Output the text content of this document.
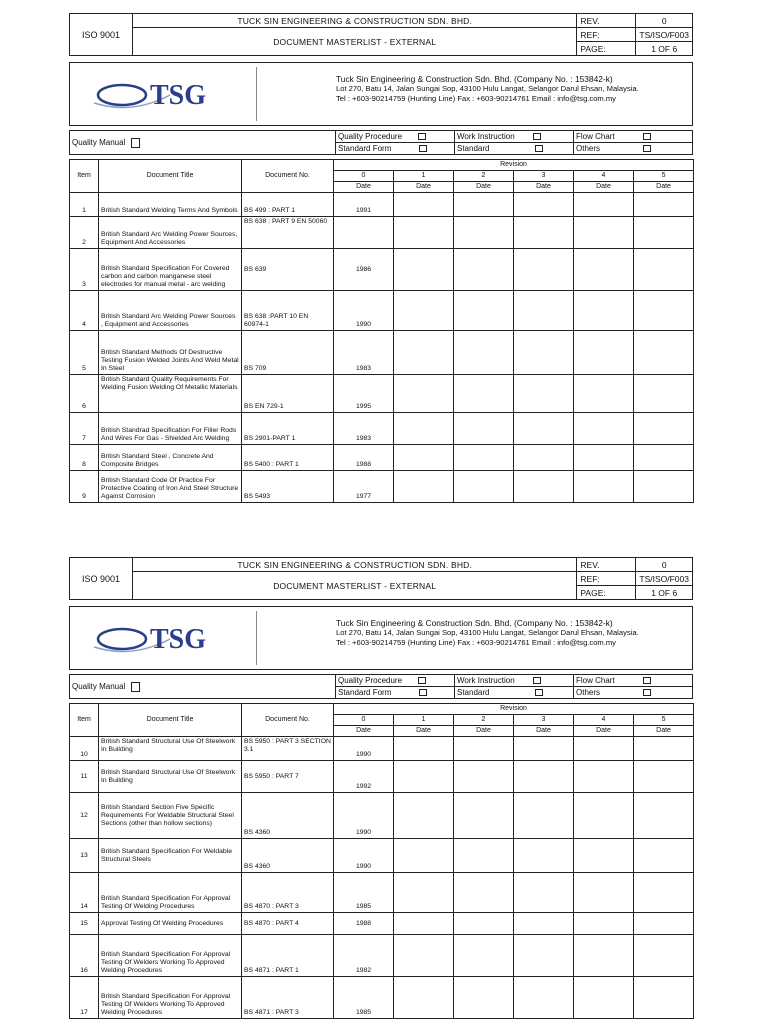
ISO 9001	TUCK SIN ENGINEERING & CONSTRUCTION SDN. BHD.	REV.	0
	DOCUMENT MASTERLIST - EXTERNAL	REF:	TS/ISO/F003
		PAGE:	1 OF 6
TSG
Tuck Sin Engineering & Construction Sdn. Bhd. (Company No. : 153842-k)
Lot 270, Batu 14, Jalan Sungai Sop, 43100 Hulu Langat, Selangor Darul Ehsan, Malaysia.
Tel : +603-90214759 (Hunting Line) Fax : +603-90214761 Email : info@tsg.com.my
Quality Manual	Quality Procedure	Work Instruction	Flow Chart
	Standard Form	Standard	Others
Item	Document Title	Document No.	Revision					
			0	1	2	3	4	5
			Date	Date	Date	Date	Date	Date
1	British Standard Welding Terms And Symbols	BS 499 : PART 1	1991					
2	British Standard Arc Welding Power Sources, Equipment And Accessories	BS 638 : PART 9 EN 50060						
3	British Standard Specification For Covered carbon and carbon manganese steel electrodes for manual metal - arc welding	BS 639	1986					
4	British Standard Arc Welding Power Sources , Equipment and Accessories	BS 638 :PART 10 EN 60974-1	1990					
5	British Standard Methods Of Destructive Testing Fusion Welded Joints And Weld Metal In Steel	BS 709	1983					
6	British Standard Quality Requirements For Welding Fusion Welding Of Metallic Materials	BS EN 729-1	1995					
7	British Standrad Specification For Filler Rods And Wires For Gas - Shielded Arc Welding	BS 2901-PART 1	1983					
8	British Standard Steel , Concrete And Composite Bridges	BS 5400 : PART 1	1988					
9	British Standard Code Of Practice For Protective Coating of Iron And Steel Structure Against Corrosion	BS 5493	1977					
ISO 9001	TUCK SIN ENGINEERING & CONSTRUCTION SDN. BHD.	REV.	0
	DOCUMENT MASTERLIST - EXTERNAL	REF:	TS/ISO/F003
		PAGE:	1 OF 6
TSG
Tuck Sin Engineering & Construction Sdn. Bhd. (Company No. : 153842-k)
Lot 270, Batu 14, Jalan Sungai Sop, 43100 Hulu Langat, Selangor Darul Ehsan, Malaysia.
Tel : +603-90214759 (Hunting Line) Fax : +603-90214761 Email : info@tsg.com.my
Quality Manual	Quality Procedure	Work Instruction	Flow Chart
	Standard Form	Standard	Others
Item	Document Title	Document No.	Revision					
			0	1	2	3	4	5
			Date	Date	Date	Date	Date	Date
10	British Standard Structural Use Of Steelwork In Building	BS 5950 : PART 3 SECTION 3.1	1990					
11	British Standard Structural Use Of Steelwork In Building	BS 5950 : PART 7	1992					
12	British Standard Section Five Specific Requirements For Weldable Structural Steel Sections (other than hollow sections)	BS 4360	1990					
13	British Standard Specification For Weldable Structural Steels	BS 4360	1990					
14	British Standard Specification For Approval Testing Of Welding Procedures	BS 4870 : PART 3	1985					
15	Approval Testing Of Welding Procedures	BS 4870 : PART 4	1988					
16	British Standard Specification For Approval Testing Of Welders Working To Approved Welding Procedures	BS 4871 : PART 1	1982					
17	British Standard Specification For Approval Testing Of Welders Working To Approved Welding Procedures	BS 4871 : PART 3	1985					
